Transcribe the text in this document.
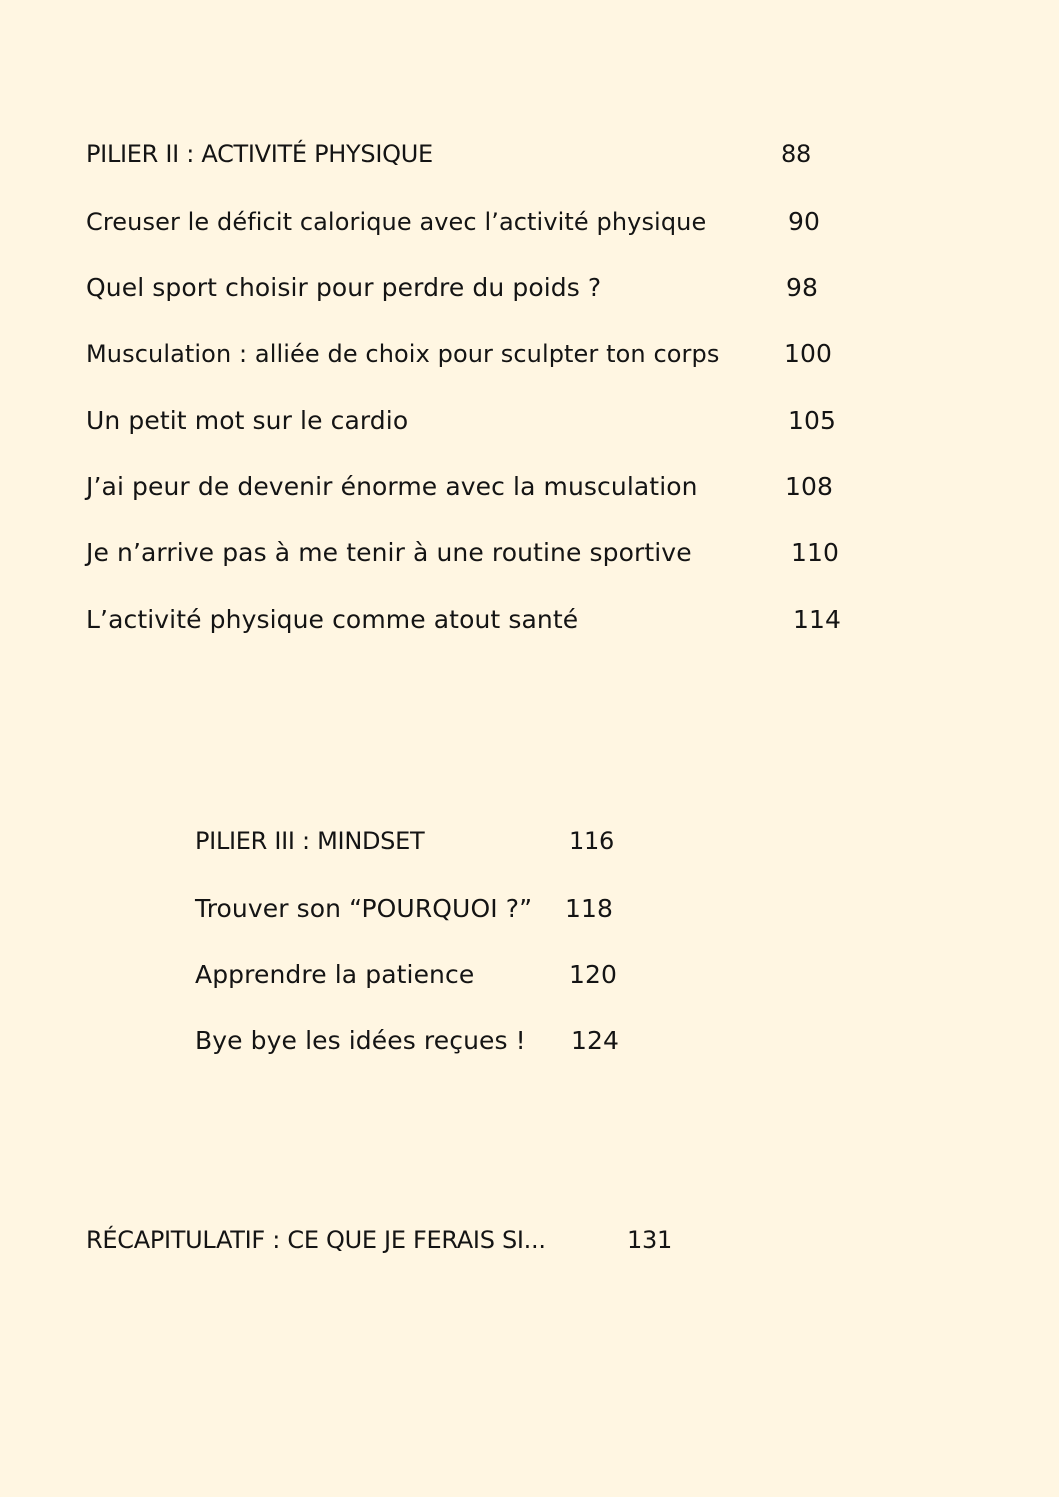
PILIER II : ACTIVITÉ PHYSIQUE	88
Creuser le déficit calorique avec l’activité physique	90
Quel sport choisir pour perdre du poids ?	98
Musculation : alliée de choix pour sculpter ton corps	100
Un petit mot sur le cardio	105
J’ai peur de devenir énorme avec la musculation	108
Je n’arrive pas à me tenir à une routine sportive	110
L’activité physique comme atout santé	114
PILIER III : MINDSET	116
Trouver son “POURQUOI ?” 118
Apprendre la patience	120
Bye bye les idées reçues ! 124
RÉCAPITULATIF : CE QUE JE FERAIS SI...	131
